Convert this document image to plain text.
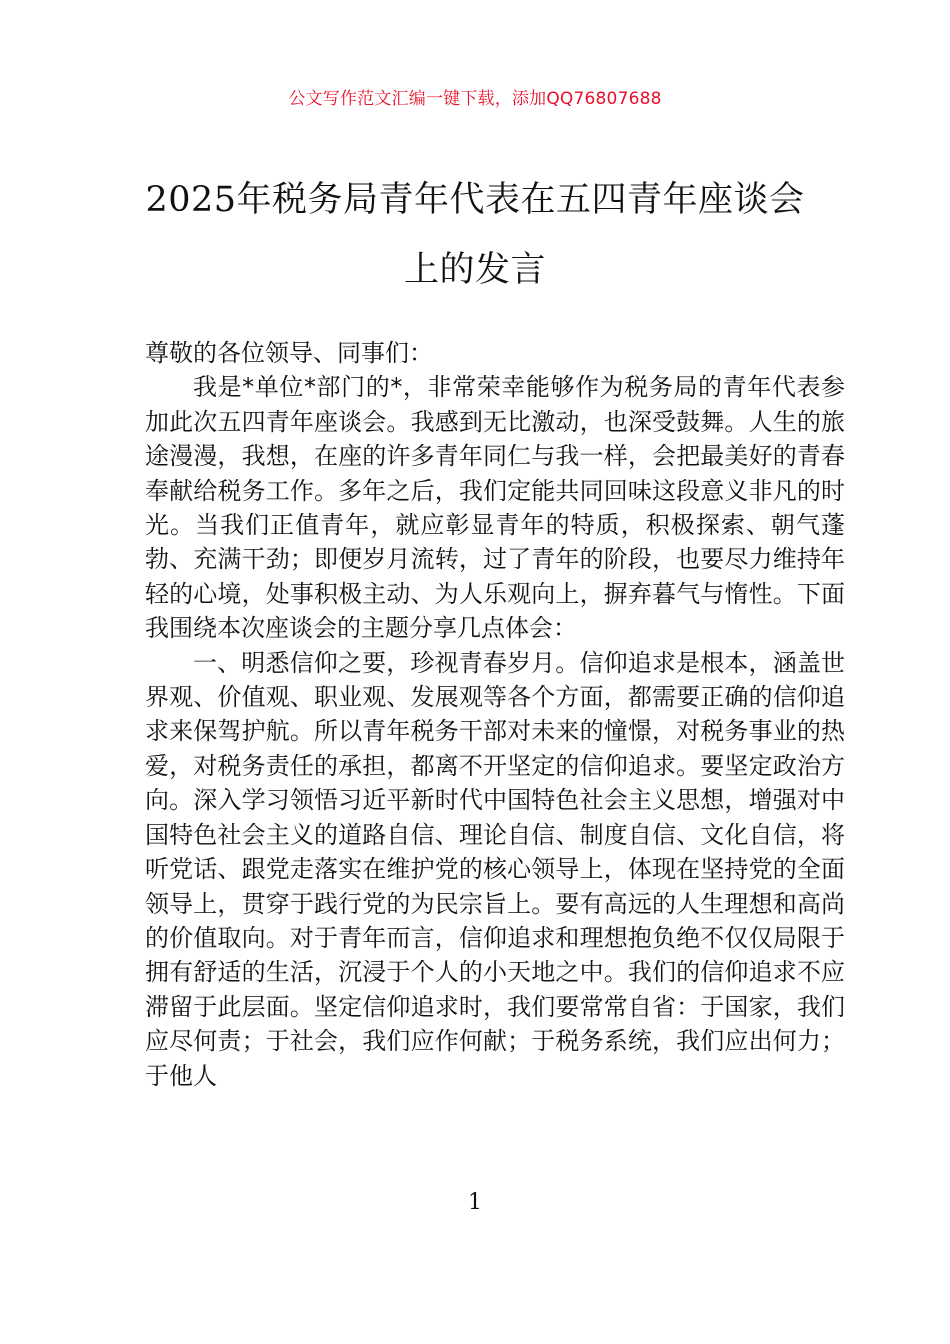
公文写作范文汇编一键下载，添加QQ76807688
2025年税务局青年代表在五四青年座谈会
上的发言

尊敬的各位领导、同事们：

我是*单位*部门的*，非常荣幸能够作为税务局的青年代表参加此次五四青年座谈会。我感到无比激动，也深受鼓舞。人生的旅途漫漫，我想，在座的许多青年同仁与我一样，会把最美好的青春奉献给税务工作。多年之后，我们定能共同回味这段意义非凡的时光。当我们正值青年，就应彰显青年的特质，积极探索、朝气蓬勃、充满干劲；即便岁月流转，过了青年的阶段，也要尽力维持年轻的心境，处事积极主动、为人乐观向上，摒弃暮气与惰性。下面我围绕本次座谈会的主题分享几点体会：

一、明悉信仰之要，珍视青春岁月。信仰追求是根本，涵盖世界观、价值观、职业观、发展观等各个方面，都需要正确的信仰追求来保驾护航。所以青年税务干部对未来的憧憬，对税务事业的热爱，对税务责任的承担，都离不开坚定的信仰追求。要坚定政治方向。深入学习领悟习近平新时代中国特色社会主义思想，增强对中国特色社会主义的道路自信、理论自信、制度自信、文化自信，将听党话、跟党走落实在维护党的核心领导上，体现在坚持党的全面领导上，贯穿于践行党的为民宗旨上。要有高远的人生理想和高尚的价值取向。对于青年而言，信仰追求和理想抱负绝不仅仅局限于拥有舒适的生活，沉浸于个人的小天地之中。我们的信仰追求不应滞留于此层面。坚定信仰追求时，我们要常常自省：于国家，我们应尽何责；于社会，我们应作何献；于税务系统，我们应出何力；于他人

1
